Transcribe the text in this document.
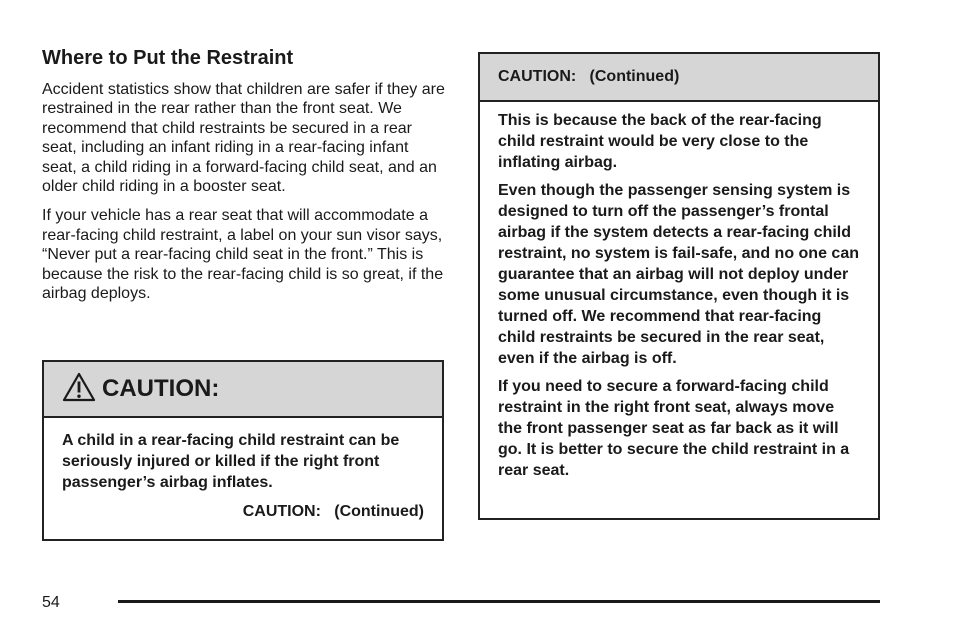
Where to Put the Restraint

Accident statistics show that children are safer if they are restrained in the rear rather than the front seat. We recommend that child restraints be secured in a rear seat, including an infant riding in a rear-facing infant seat, a child riding in a forward-facing child seat, and an older child riding in a booster seat.

If your vehicle has a rear seat that will accommodate a rear-facing child restraint, a label on your sun visor says, “Never put a rear-facing child seat in the front.” This is because the risk to the rear-facing child is so great, if the airbag deploys.

CAUTION:

A child in a rear-facing child restraint can be seriously injured or killed if the right front passenger’s airbag inflates.

CAUTION:   (Continued)
CAUTION:   (Continued)

This is because the back of the rear-facing child restraint would be very close to the inflating airbag.

Even though the passenger sensing system is designed to turn off the passenger’s frontal airbag if the system detects a rear-facing child restraint, no system is fail-safe, and no one can guarantee that an airbag will not deploy under some unusual circumstance, even though it is turned off. We recommend that rear-facing child restraints be secured in the rear seat, even if the airbag is off.

If you need to secure a forward-facing child restraint in the right front seat, always move the front passenger seat as far back as it will go. It is better to secure the child restraint in a rear seat.

54
